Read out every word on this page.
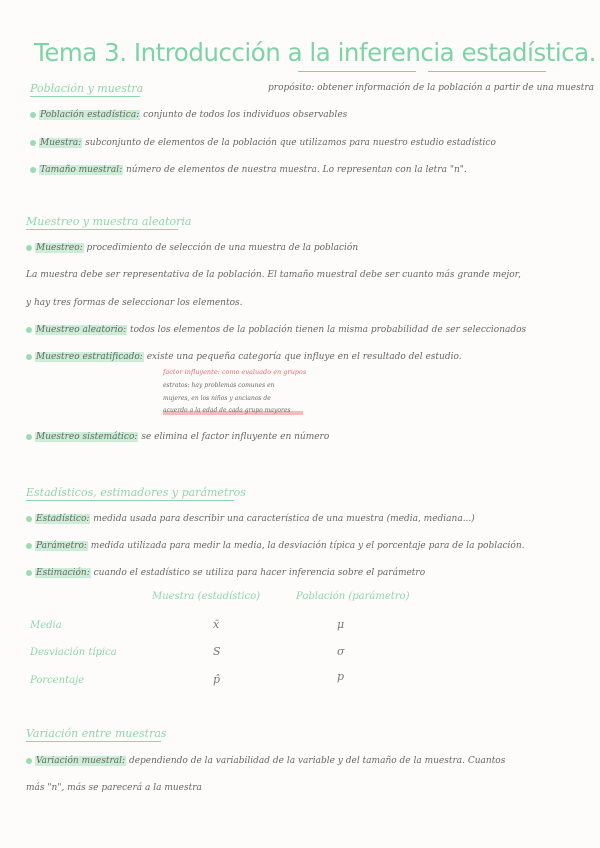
Tema 3. Introducción a la inferencia estadística.
Población y muestra	propósito: obtener información de la población a partir de una muestra
Población estadística: conjunto de todos los individuos observables
Muestra: subconjunto de elementos de la población que utilizamos para nuestro estudio estadístico
Tamaño muestral: número de elementos de nuestra muestra. Lo representan con la letra "n".
Muestreo y muestra aleatoria
Muestreo: procedimiento de selección de una muestra de la población
La muestra debe ser representativa de la población. El tamaño muestral debe ser cuanto más grande mejor,
y hay tres formas de seleccionar los elementos.
Muestreo aleatorio: todos los elementos de la población tienen la misma probabilidad de ser seleccionados
Muestreo estratificado: existe una pequeña categoría que influye en el resultado del estudio.
factor influyente: como evaluado en grupos
estratos: hay problemas comunes en
mujeres, en los niños y ancianos de
acuerdo a la edad de cada grupo mayores
Muestreo sistemático: se elimina el factor influyente en número
Estadísticos, estimadores y parámetros
Estadístico: medida usada para describir una característica de una muestra (media, mediana...)
Parámetro: medida utilizada para medir la media, la desviación típica y el porcentaje para de la población.
Estimación: cuando el estadístico se utiliza para hacer inferencia sobre el parámetro
Muestra (estadístico)	Población (parámetro)
Media	x̄	μ
Desviación típica	S	σ
Porcentaje	p̂	p
Variación entre muestras
Variación muestral: dependiendo de la variabilidad de la variable y del tamaño de la muestra. Cuantos
más "n", más se parecerá a la muestra
